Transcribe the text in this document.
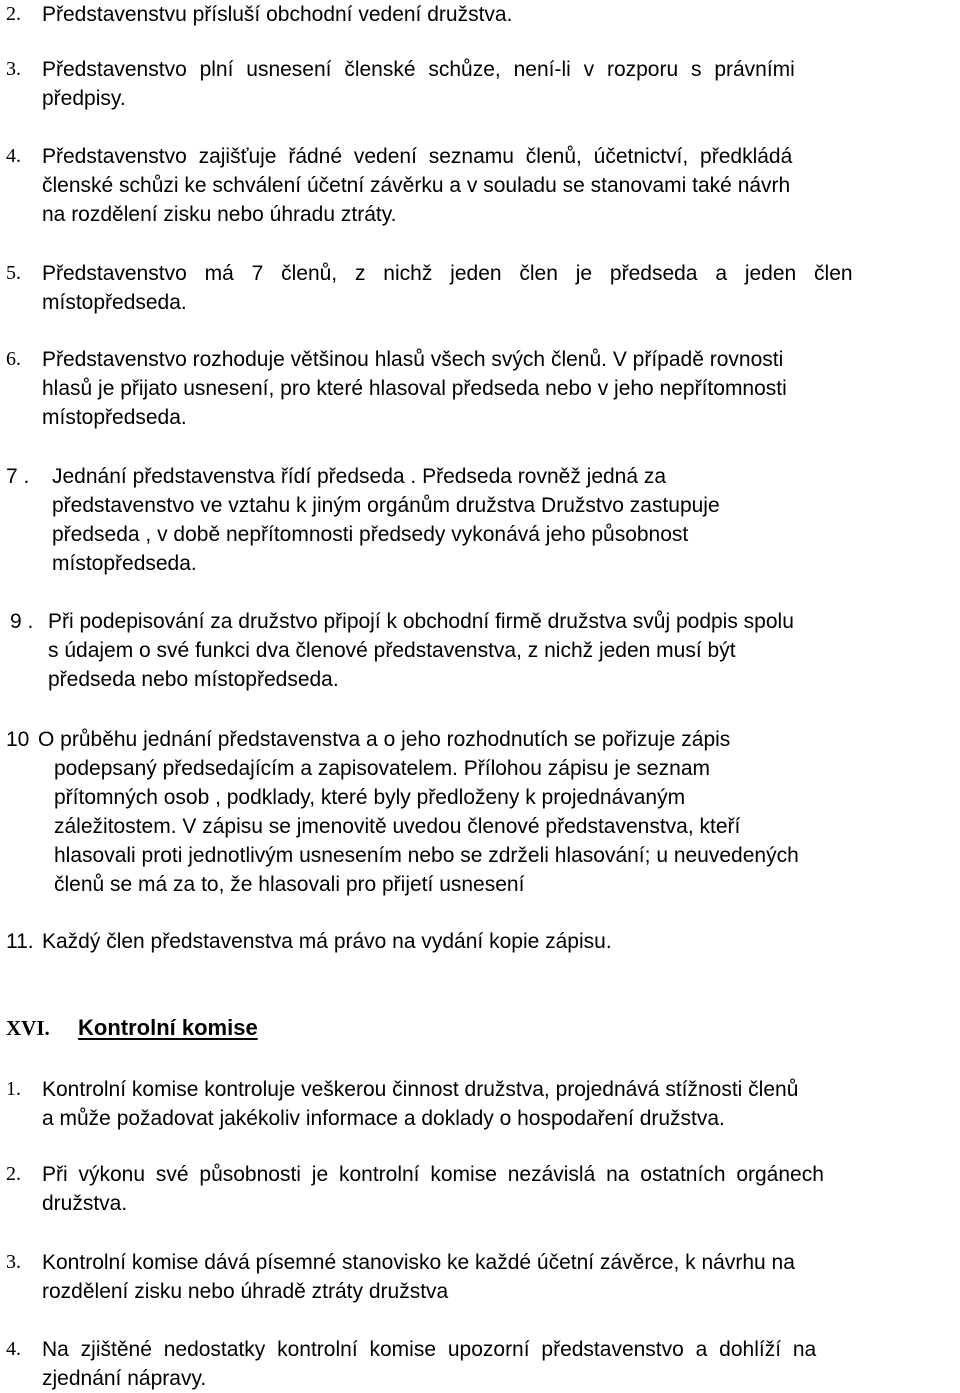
2. Představenstvu přísluší obchodní vedení družstva.
3. Představenstvo plní usnesení členské schůze, není-li v rozporu s právními
předpisy.
4. Představenstvo zajišťuje řádné vedení seznamu členů, účetnictví, předkládá
členské schůzi ke schválení účetní závěrku a v souladu se stanovami také návrh
na rozdělení zisku nebo úhradu ztráty.
5. Představenstvo má 7 členů, z nichž jeden člen je předseda a jeden člen
místopředseda.
6. Představenstvo rozhoduje většinou hlasů všech svých členů. V případě rovnosti
hlasů je přijato usnesení, pro které hlasoval předseda nebo v jeho nepřítomnosti
místopředseda.
7 . Jednání představenstva řídí předseda . Předseda rovněž jedná za
představenstvo ve vztahu k jiným orgánům družstva Družstvo zastupuje
předseda , v době nepřítomnosti předsedy vykonává jeho působnost
místopředseda.
9 . Při podepisování za družstvo připojí k obchodní firmě družstva svůj podpis spolu
s údajem o své funkci dva členové představenstva, z nichž jeden musí být
předseda nebo místopředseda.
10 O průběhu jednání představenstva a o jeho rozhodnutích se pořizuje zápis
podepsaný předsedajícím a zapisovatelem. Přílohou zápisu je seznam
přítomných osob , podklady, které byly předloženy k projednávaným
záležitostem. V zápisu se jmenovitě uvedou členové představenstva, kteří
hlasovali proti jednotlivým usnesením nebo se zdrželi hlasování; u neuvedených
členů se má za to, že hlasovali pro přijetí usnesení
11. Každý člen představenstva má právo na vydání kopie zápisu.
XVI. Kontrolní komise
1. Kontrolní komise kontroluje veškerou činnost družstva, projednává stížnosti členů
a může požadovat jakékoliv informace a doklady o hospodaření družstva.
2. Při výkonu své působnosti je kontrolní komise nezávislá na ostatních orgánech
družstva.
3. Kontrolní komise dává písemné stanovisko ke každé účetní závěrce, k návrhu na
rozdělení zisku nebo úhradě ztráty družstva
4. Na zjištěné nedostatky kontrolní komise upozorní představenstvo a dohlíží na
zjednání nápravy.
